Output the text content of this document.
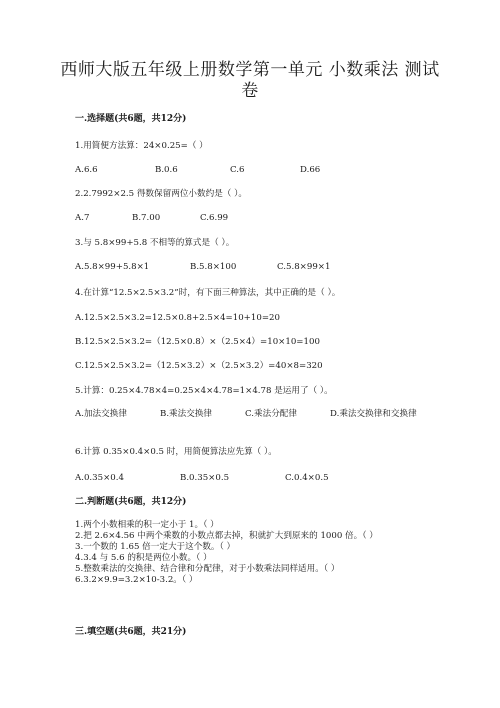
西师大版五年级上册数学第一单元 小数乘法 测试
卷
一.选择题(共6题，共12分)
1.用简便方法算：24×0.25=（ ）
A.6.6	B.0.6	C.6	D.66
2.2.7992×2.5 得数保留两位小数约是（ ）。
A.7	B.7.00	C.6.99
3.与 5.8×99+5.8 不相等的算式是（ ）。
A.5.8×99+5.8×1	B.5.8×100	C.5.8×99×1
4.在计算“12.5×2.5×3.2”时，有下面三种算法，其中正确的是（ ）。
A.12.5×2.5×3.2=12.5×0.8+2.5×4=10+10=20
B.12.5×2.5×3.2=（12.5×0.8）×（2.5×4）=10×10=100
C.12.5×2.5×3.2=（12.5×3.2）×（2.5×3.2）=40×8=320
5.计算：0.25×4.78×4=0.25×4×4.78=1×4.78 是运用了（ ）。
A.加法交换律	B.乘法交换律	C.乘法分配律	D.乘法交换律和交换律
6.计算 0.35×0.4×0.5 时，用简便算法应先算（ ）。
A.0.35×0.4	B.0.35×0.5	C.0.4×0.5
二.判断题(共6题，共12分)
1.两个小数相乘的积一定小于 1。（ ）
2.把 2.6×4.56 中两个乘数的小数点都去掉，积就扩大到原来的 1000 倍。（ ）
3.一个数的 1.65 倍一定大于这个数。（ ）
4.3.4 与 5.6 的积是两位小数。（ ）
5.整数乘法的交换律、结合律和分配律，对于小数乘法同样适用。（ ）
6.3.2×9.9=3.2×10-3.2。（ ）
三.填空题(共6题，共21分)
